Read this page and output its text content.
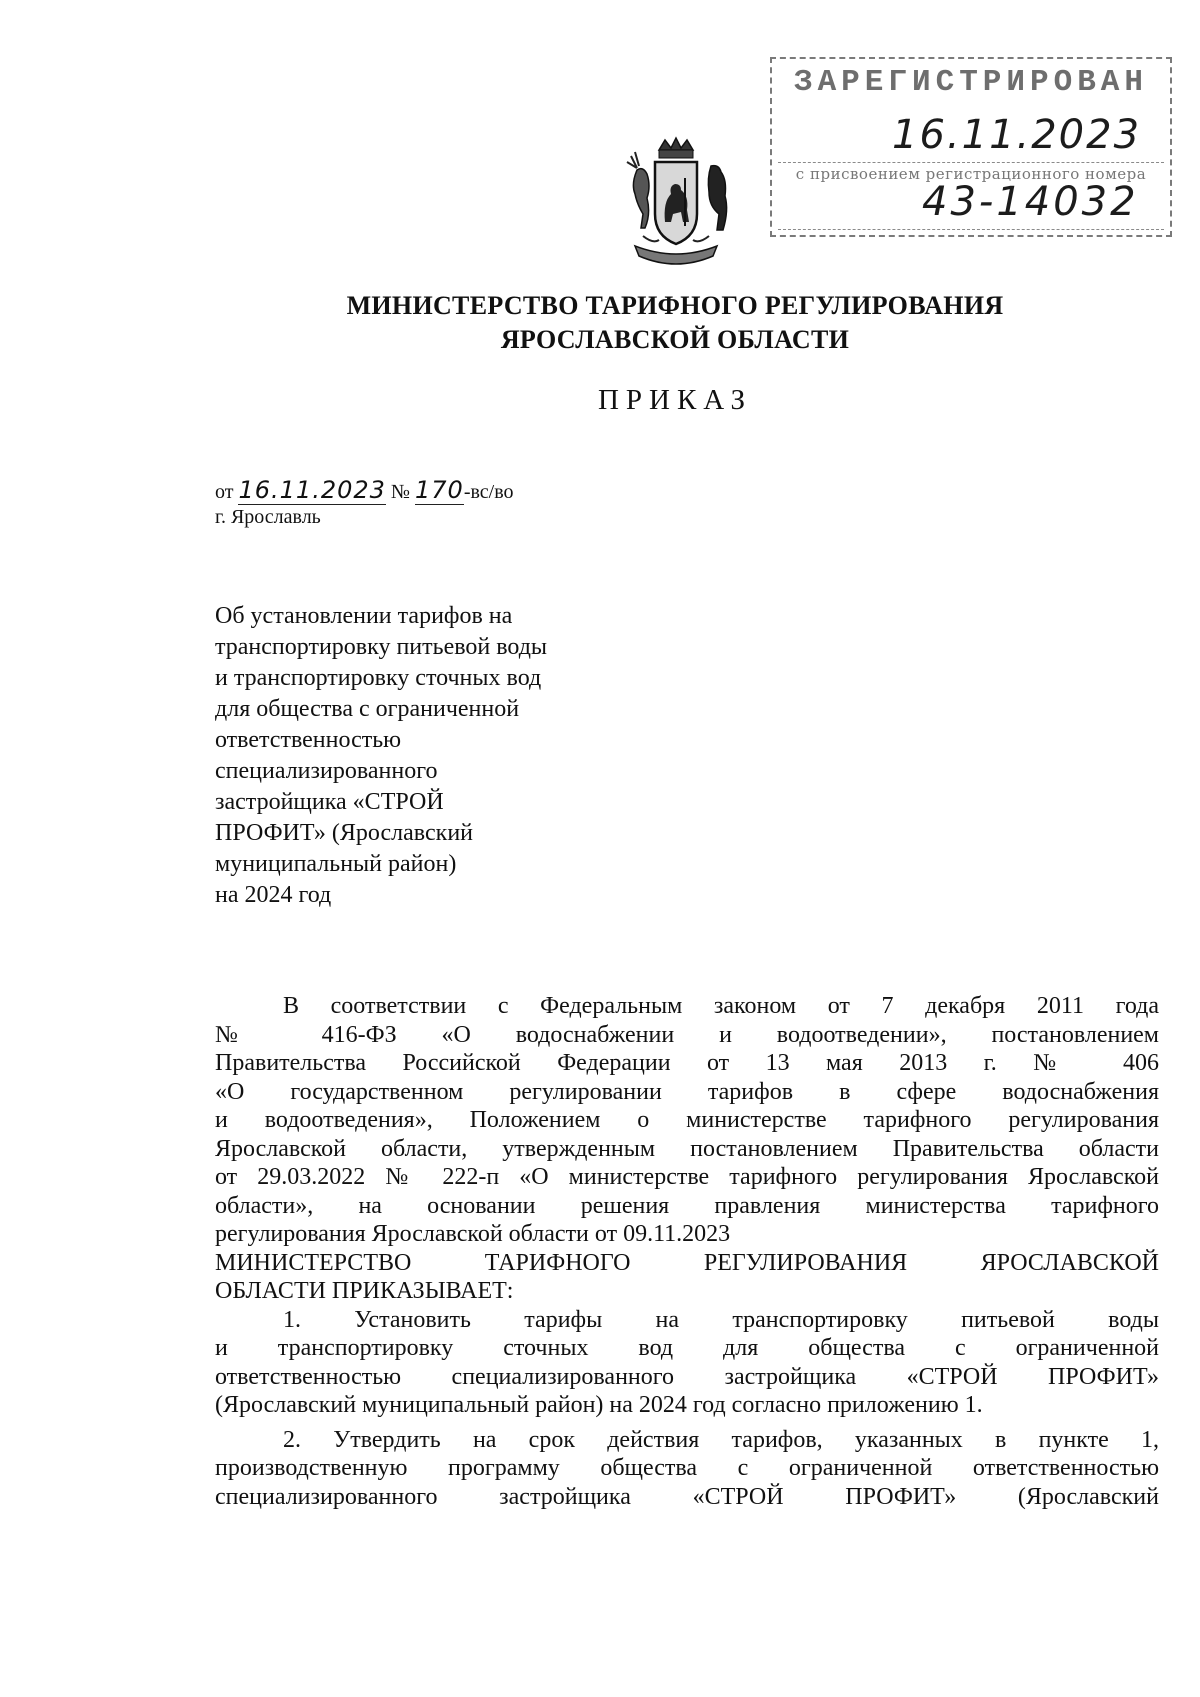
ЗАРЕГИСТРИРОВАН
16.11.2023
с присвоением регистрационного номера
43-14032
МИНИСТЕРСТВО ТАРИФНОГО РЕГУЛИРОВАНИЯ
ЯРОСЛАВСКОЙ ОБЛАСТИ
ПРИКАЗ
от 16.11.2023 № 170-вс/во
г. Ярославль
Об установлении тарифов на
транспортировку питьевой воды
и транспортировку сточных вод
для общества с ограниченной
ответственностью
специализированного
застройщика «СТРОЙ
ПРОФИТ» (Ярославский
муниципальный район)
на 2024 год
В соответствии с Федеральным законом от 7 декабря 2011 года
№ 416-ФЗ «О водоснабжении и водоотведении», постановлением
Правительства Российской Федерации от 13 мая 2013 г. № 406
«О государственном регулировании тарифов в сфере водоснабжения
и водоотведения», Положением о министерстве тарифного регулирования
Ярославской области, утвержденным постановлением Правительства области
от 29.03.2022 № 222-п «О министерстве тарифного регулирования Ярославской
области», на основании решения правления министерства тарифного
регулирования Ярославской области от 09.11.2023
МИНИСТЕРСТВО ТАРИФНОГО РЕГУЛИРОВАНИЯ ЯРОСЛАВСКОЙ
ОБЛАСТИ ПРИКАЗЫВАЕТ:
1. Установить тарифы на транспортировку питьевой воды
и транспортировку сточных вод для общества с ограниченной
ответственностью специализированного застройщика «СТРОЙ ПРОФИТ»
(Ярославский муниципальный район) на 2024 год согласно приложению 1.
2. Утвердить на срок действия тарифов, указанных в пункте 1,
производственную программу общества с ограниченной ответственностью
специализированного застройщика «СТРОЙ ПРОФИТ» (Ярославский
